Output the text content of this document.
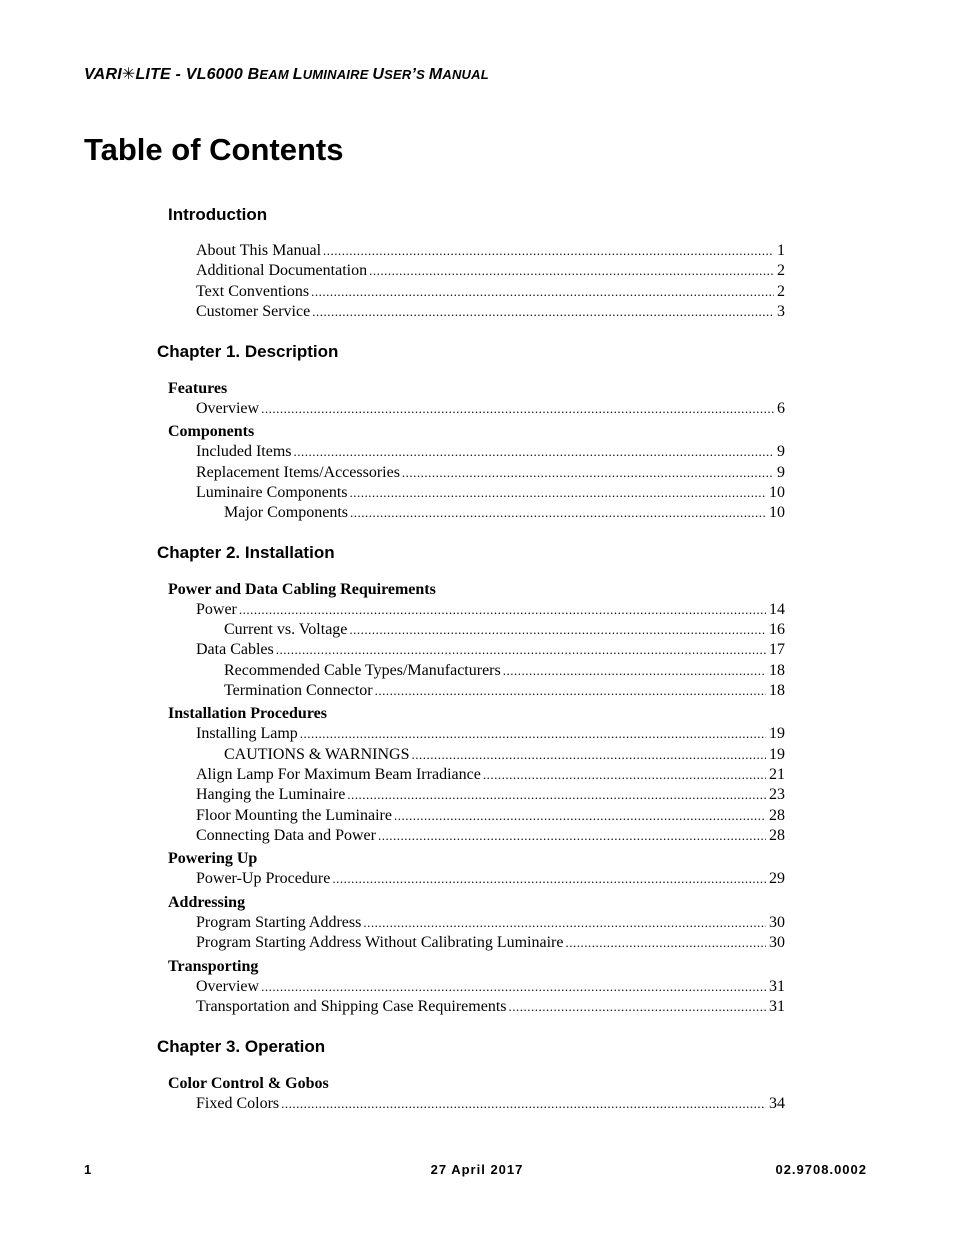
VARI✳LITE - VL6000 BEAM LUMINAIRE USER’S MANUAL
Table of Contents
Introduction
About This Manual .....	1
Additional Documentation .....	2
Text Conventions .....	2
Customer Service .....	3
Chapter 1. Description
Features
Overview .....	6
Components
Included Items .....	9
Replacement Items/Accessories .....	9
Luminaire Components .....	10
Major Components .....	10
Chapter 2. Installation
Power and Data Cabling Requirements
Power .....	14
Current vs. Voltage .....	16
Data Cables .....	17
Recommended Cable Types/Manufacturers .....	18
Termination Connector .....	18
Installation Procedures
Installing Lamp .....	19
CAUTIONS & WARNINGS .....	19
Align Lamp For Maximum Beam Irradiance .....	21
Hanging the Luminaire .....	23
Floor Mounting the Luminaire .....	28
Connecting Data and Power .....	28
Powering Up
Power-Up Procedure .....	29
Addressing
Program Starting Address .....	30
Program Starting Address Without Calibrating Luminaire .....	30
Transporting
Overview .....	31
Transportation and Shipping Case Requirements .....	31
Chapter 3. Operation
Color Control & Gobos
Fixed Colors .....	34
1	27 April 2017	02.9708.0002
